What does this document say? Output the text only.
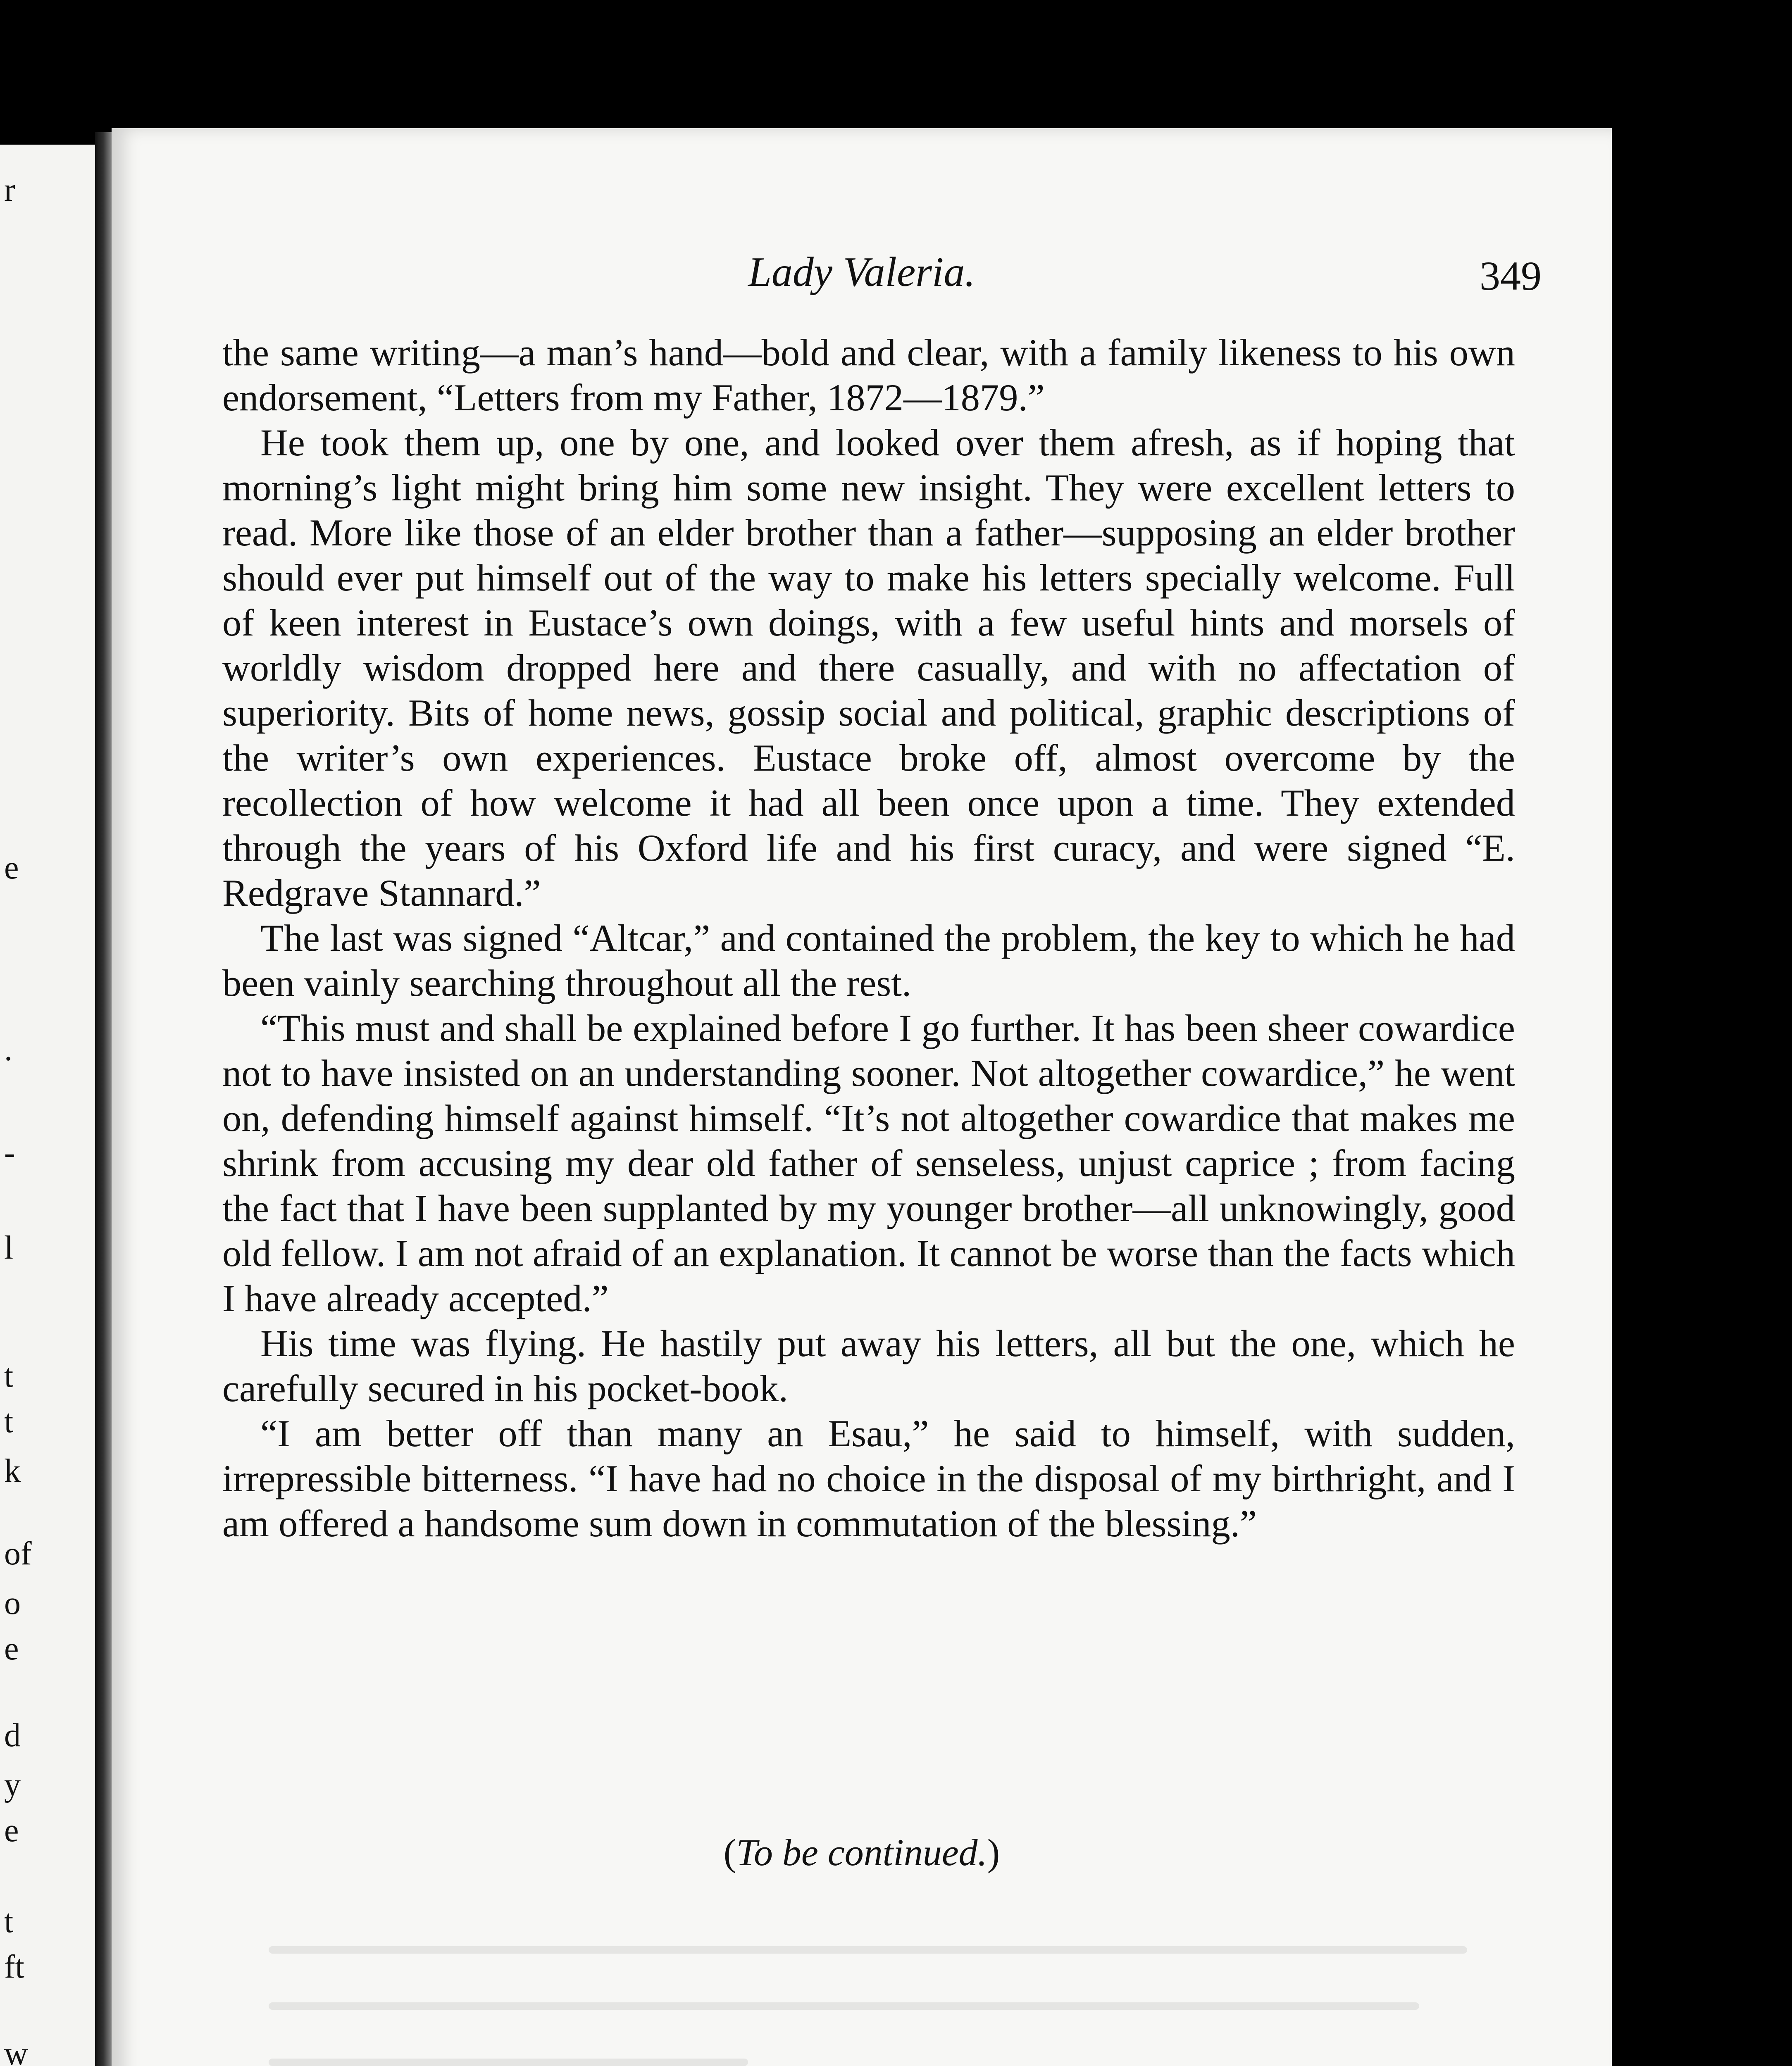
r
e
.
-
l
t
t
k
of
o
e
d
y
e
t
ft
w
Lady Valeria.	349

the same writing—a man’s hand—bold and clear, with a family likeness to his own endorsement, “Letters from my Father, 1872—1879.”

He took them up, one by one, and looked over them afresh, as if hoping that morning’s light might bring him some new insight. They were excellent letters to read. More like those of an elder brother than a father—supposing an elder brother should ever put himself out of the way to make his letters specially welcome. Full of keen interest in Eustace’s own doings, with a few useful hints and morsels of worldly wisdom dropped here and there casually, and with no affectation of superiority. Bits of home news, gossip social and political, graphic descriptions of the writer’s own experiences. Eustace broke off, almost overcome by the recollection of how welcome it had all been once upon a time. They extended through the years of his Oxford life and his first curacy, and were signed “E. Redgrave Stannard.”

The last was signed “Altcar,” and contained the problem, the key to which he had been vainly searching throughout all the rest.

“This must and shall be explained before I go further. It has been sheer cowardice not to have insisted on an understanding sooner. Not altogether cowardice,” he went on, defending himself against himself. “It’s not altogether cowardice that makes me shrink from accusing my dear old father of senseless, unjust caprice ; from facing the fact that I have been supplanted by my younger brother—all unknowingly, good old fellow. I am not afraid of an explanation. It cannot be worse than the facts which I have already accepted.”

His time was flying. He hastily put away his letters, all but the one, which he carefully secured in his pocket-book.

“I am better off than many an Esau,” he said to himself, with sudden, irrepressible bitterness. “I have had no choice in the disposal of my birthright, and I am offered a handsome sum down in commutation of the blessing.”

(To be continued.)
